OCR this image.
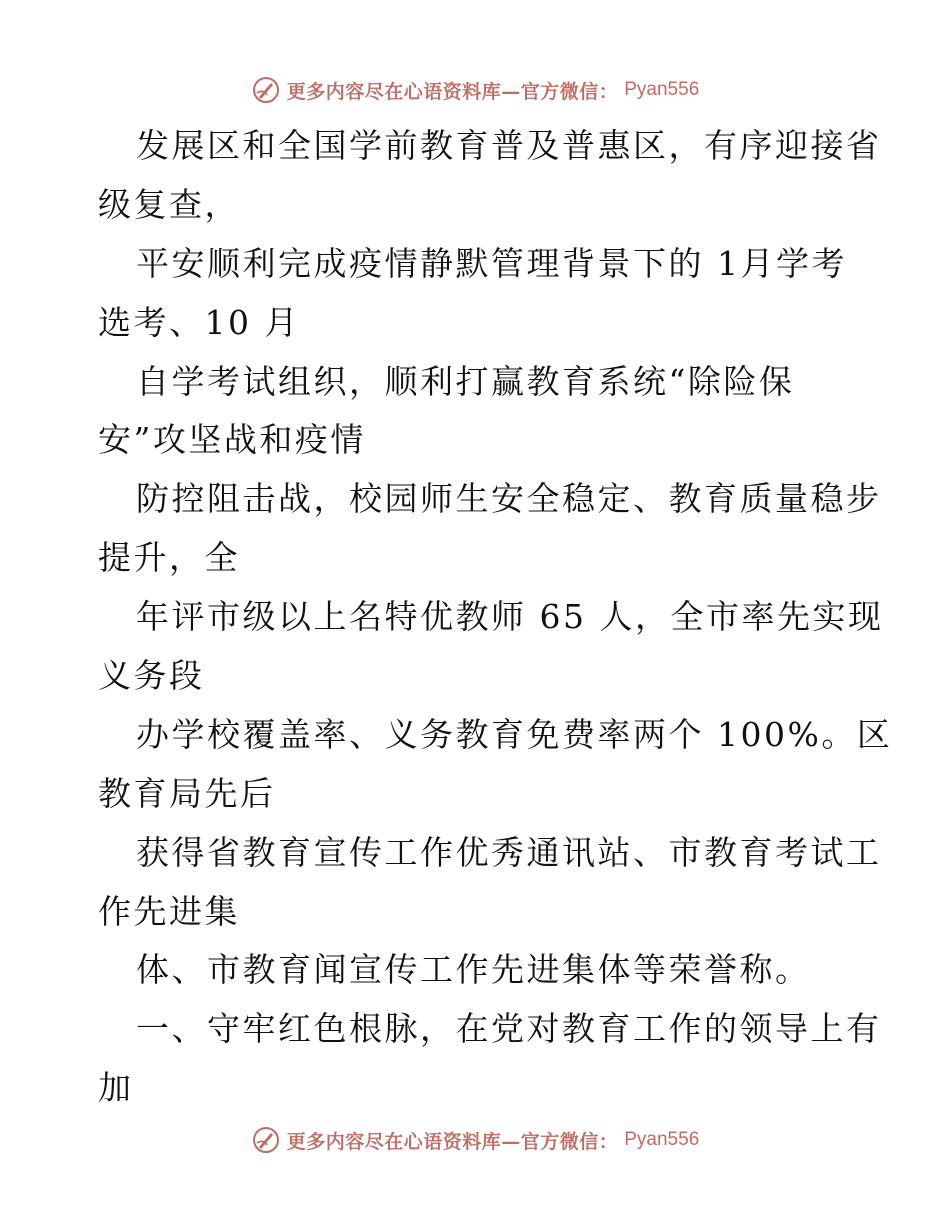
更多内容尽在心语资料库—官方微信： Pyan556
发展区和全国学前教育普及普惠区，有序迎接省
级复查，
平安顺利完成疫情静默管理背景下的 1月学考
选考、10 月
自学考试组织，顺利打赢教育系统“除险保
安”攻坚战和疫情
防控阻击战，校园师生安全稳定、教育质量稳步
提升，全
年评市级以上名特优教师 65 人，全市率先实现
义务段
办学校覆盖率、义务教育免费率两个 100%。区
教育局先后
获得省教育宣传工作优秀通讯站、市教育考试工
作先进集
体、市教育闻宣传工作先进集体等荣誉称。
一、守牢红色根脉，在党对教育工作的领导上有
加
更多内容尽在心语资料库—官方微信： Pyan556
